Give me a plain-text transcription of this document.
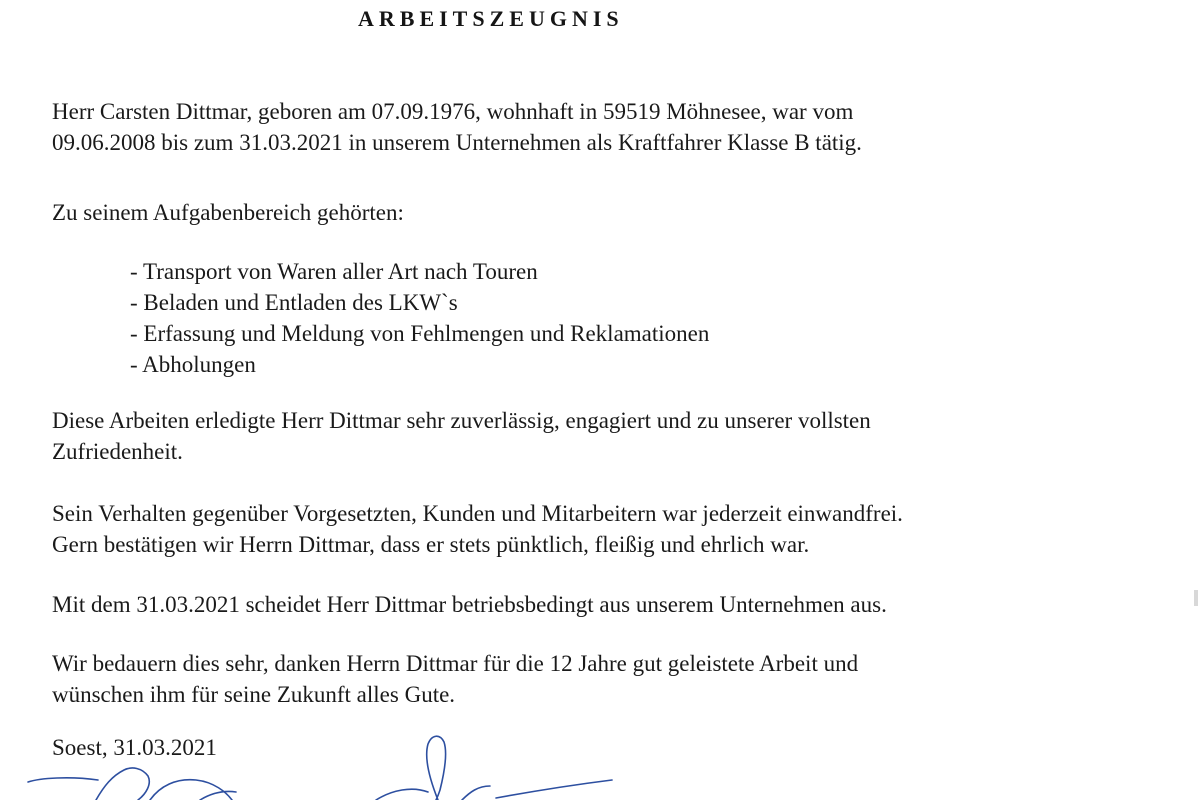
ARBEITSZEUGNIS
Herr Carsten Dittmar, geboren am 07.09.1976, wohnhaft in 59519 Möhnesee, war vom
09.06.2008 bis zum 31.03.2021 in unserem Unternehmen als Kraftfahrer Klasse B tätig.
Zu seinem Aufgabenbereich gehörten:
- Transport von Waren aller Art nach Touren
- Beladen und Entladen des LKW`s
- Erfassung und Meldung von Fehlmengen und Reklamationen
- Abholungen
Diese Arbeiten erledigte Herr Dittmar sehr zuverlässig, engagiert und zu unserer vollsten
Zufriedenheit.
Sein Verhalten gegenüber Vorgesetzten, Kunden und Mitarbeitern war jederzeit einwandfrei.
Gern bestätigen wir Herrn Dittmar, dass er stets pünktlich, fleißig und ehrlich war.
Mit dem 31.03.2021 scheidet Herr Dittmar betriebsbedingt aus unserem Unternehmen aus.
Wir bedauern dies sehr, danken Herrn Dittmar für die 12 Jahre gut geleistete Arbeit und
wünschen ihm für seine Zukunft alles Gute.
Soest, 31.03.2021
